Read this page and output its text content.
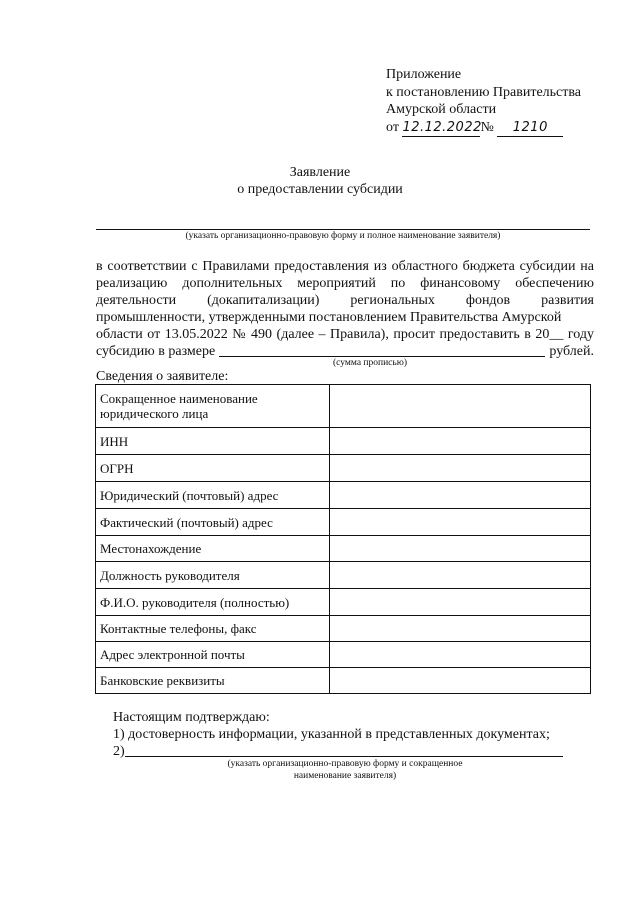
Приложение
к постановлению Правительства
Амурской области
от 12.12.2022№ 1210
Заявление
о предоставлении субсидии
(указать организационно-правовую форму и полное наименование заявителя)

в соответствии с Правилами предоставления из областного бюджета субсидии на реализацию дополнительных мероприятий по финансовому обеспечению деятельности (докапитализации) региональных фондов развития промышленности, утвержденными постановлением Правительства Амурской

области от 13.05.2022 № 490 (далее – Правила), просит предоставить в 20__ году
субсидию в размере	рублей.
(сумма прописью)
Сведения о заявителе:
Сокращенное наименование юридического лица	
ИНН	
ОГРН	
Юридический (почтовый) адрес	
Фактический (почтовый) адрес	
Местонахождение	
Должность руководителя	
Ф.И.О. руководителя (полностью)	
Контактные телефоны, факс	
Адрес электронной почты	
Банковские реквизиты	
Настоящим подтверждаю:
1) достоверность информации, указанной в представленных документах;
2)
(указать организационно-правовую форму и сокращенное
наименование заявителя)
